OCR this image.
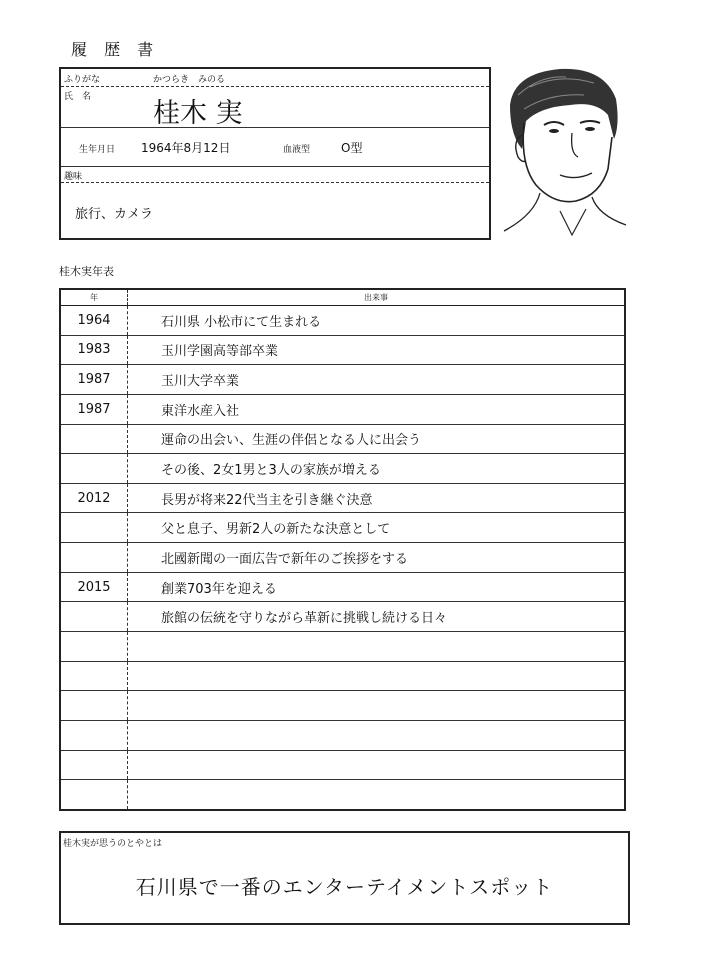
履 歴 書
ふりがな	かつらき　みのる
氏　名
桂木 実
生年月日 1964年8月12日	血液型	O型
趣味
旅行、カメラ
桂木実年表
年	出来事
1964	石川県 小松市にて生まれる
1983	玉川学園高等部卒業
1987	玉川大学卒業
1987	東洋水産入社
	運命の出会い、生涯の伴侶となる人に出会う
	その後、2女1男と3人の家族が増える
2012	長男が将来22代当主を引き継ぐ決意
	父と息子、男新2人の新たな決意として
	北國新聞の一面広告で新年のご挨拶をする
2015	創業703年を迎える
	旅館の伝統を守りながら革新に挑戦し続ける日々

桂木実が思うのとやとは
石川県で一番のエンターテイメントスポット
